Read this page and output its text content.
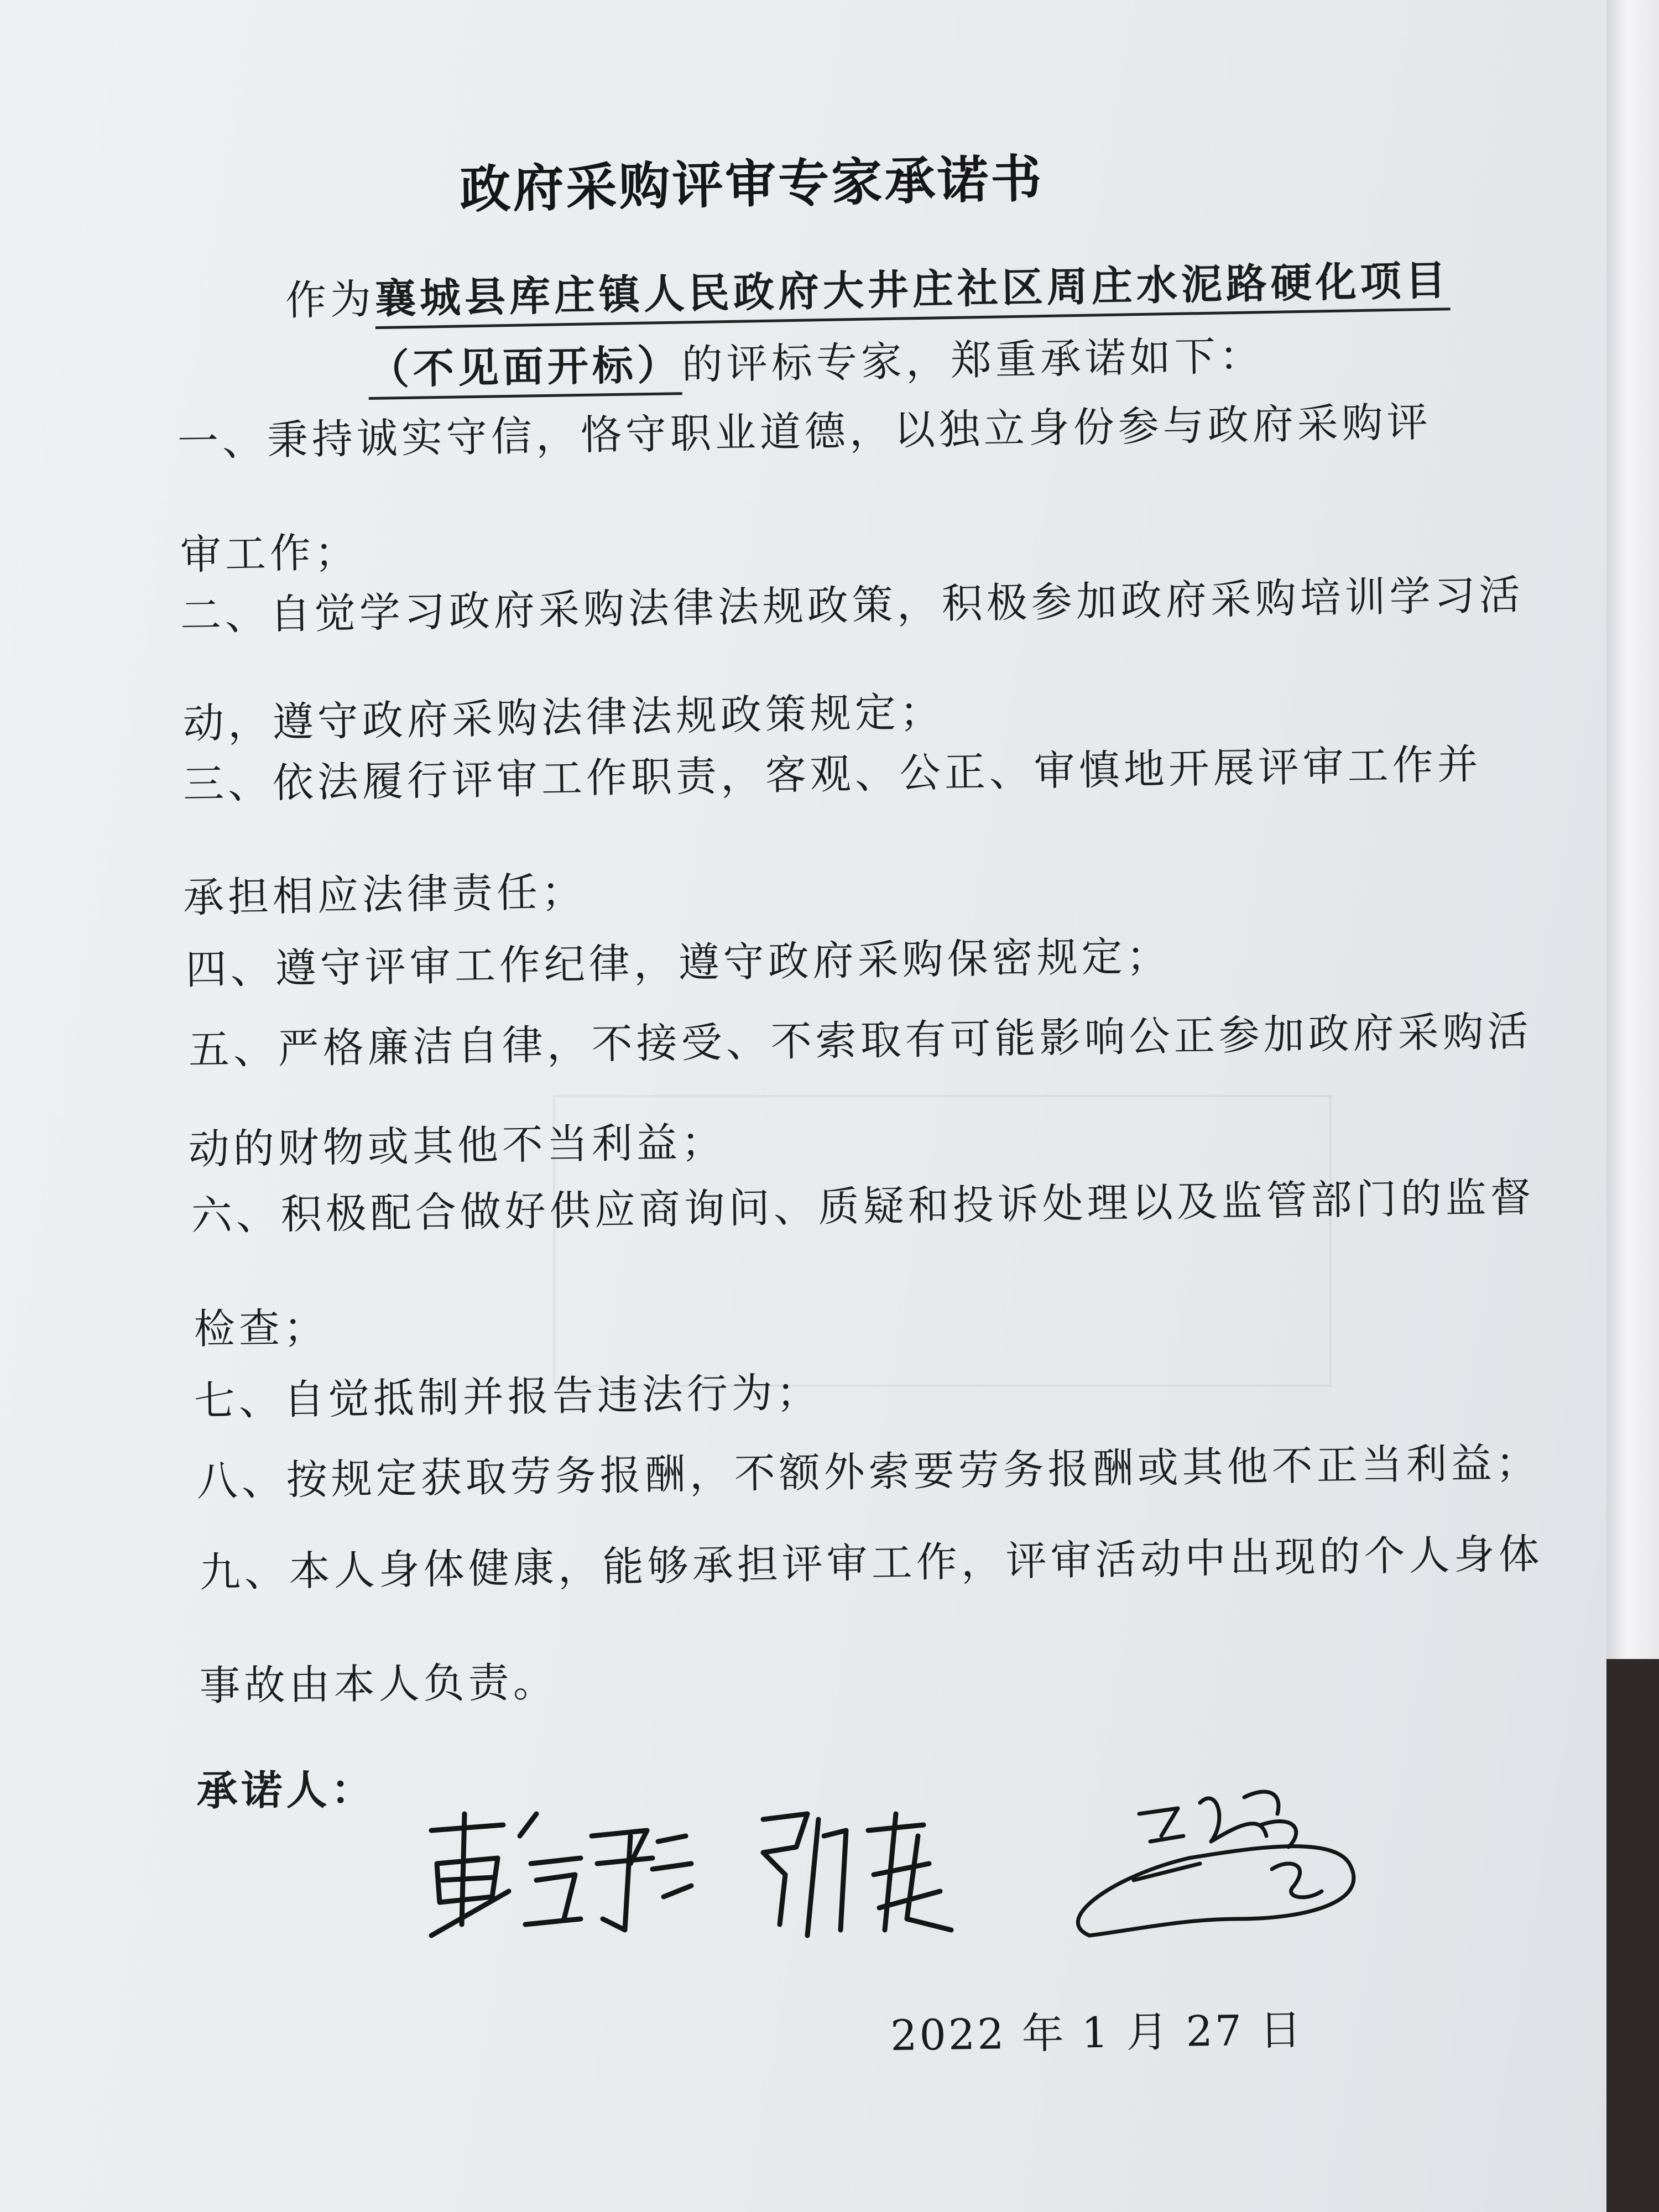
政府采购评审专家承诺书
作为襄城县库庄镇人民政府大井庄社区周庄水泥路硬化项目
（不见面开标）的评标专家，郑重承诺如下：
一、秉持诚实守信，恪守职业道德，以独立身份参与政府采购评
审工作；
二、自觉学习政府采购法律法规政策，积极参加政府采购培训学习活
动，遵守政府采购法律法规政策规定；
三、依法履行评审工作职责，客观、公正、审慎地开展评审工作并
承担相应法律责任；
四、遵守评审工作纪律，遵守政府采购保密规定；
五、严格廉洁自律，不接受、不索取有可能影响公正参加政府采购活
动的财物或其他不当利益；
六、积极配合做好供应商询问、质疑和投诉处理以及监管部门的监督
检查；
七、自觉抵制并报告违法行为；
八、按规定获取劳务报酬，不额外索要劳务报酬或其他不正当利益；
九、本人身体健康，能够承担评审工作，评审活动中出现的个人身体
事故由本人负责。
承诺人：
2022 年 1 月 27 日
